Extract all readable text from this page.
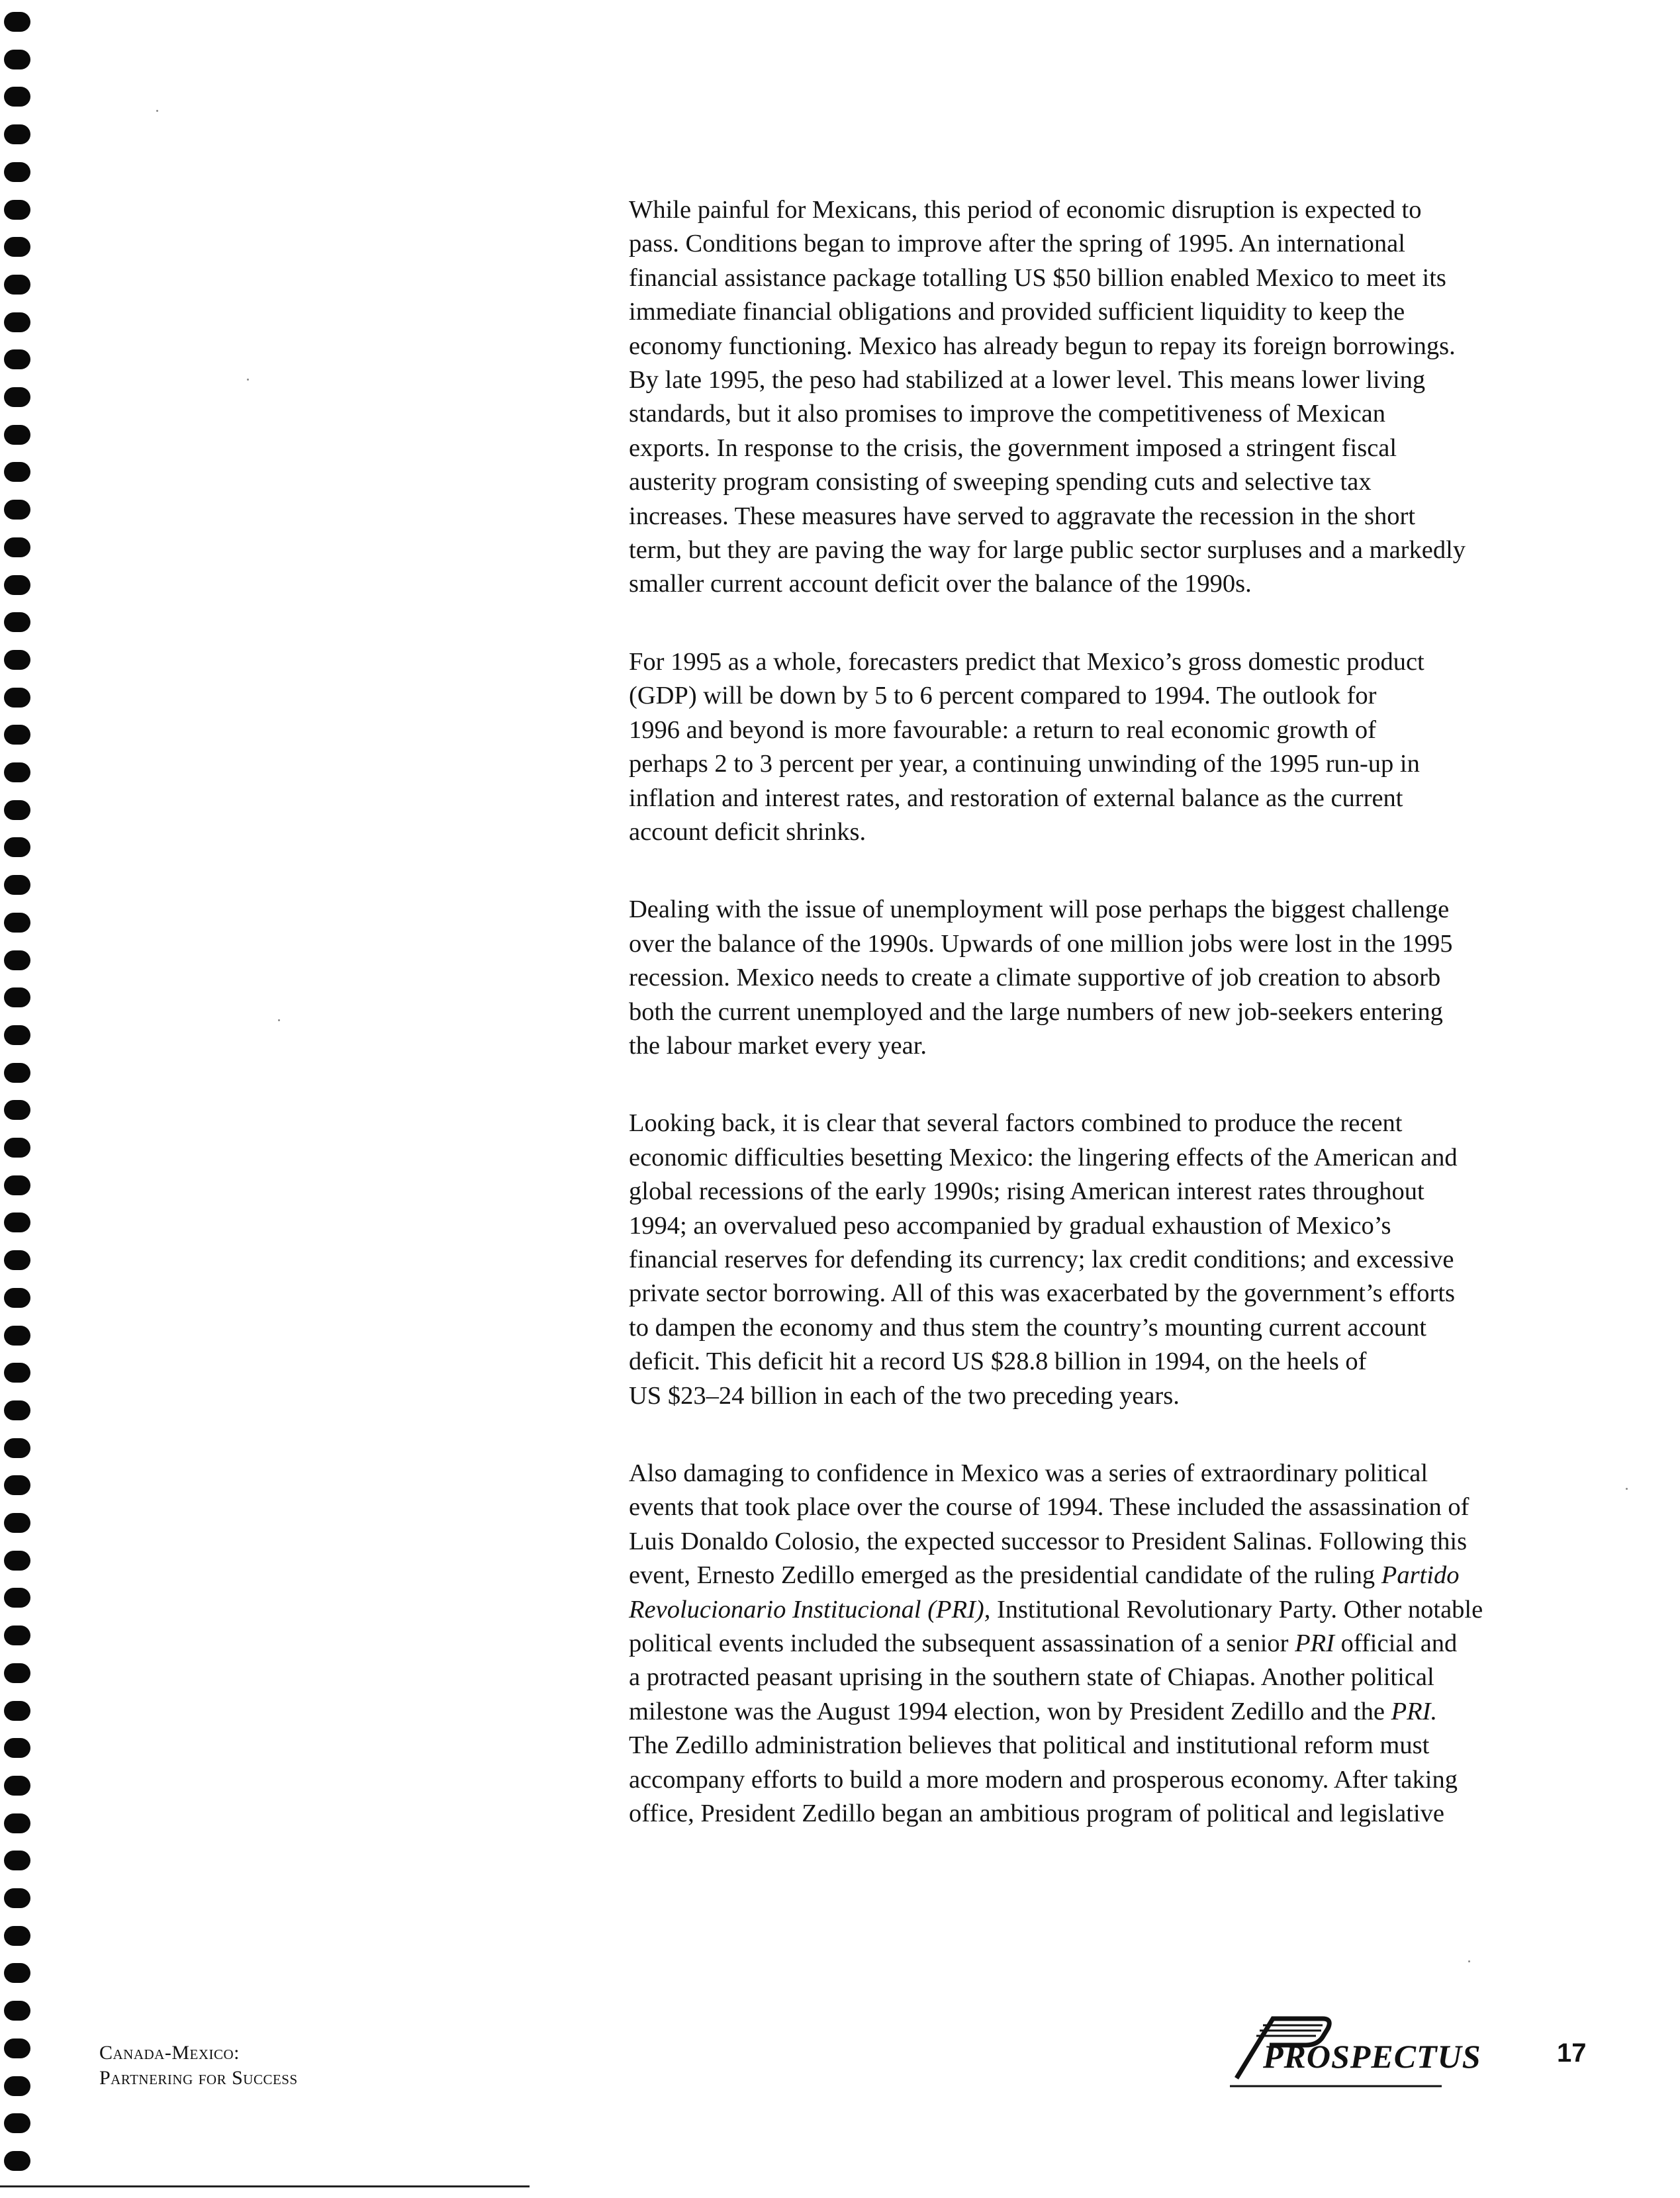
While painful for Mexicans, this period of economic disruption is expected to
pass. Conditions began to improve after the spring of 1995. An international
financial assistance package totalling US $50 billion enabled Mexico to meet its
immediate financial obligations and provided sufficient liquidity to keep the
economy functioning. Mexico has already begun to repay its foreign borrowings.
By late 1995, the peso had stabilized at a lower level. This means lower living
standards, but it also promises to improve the competitiveness of Mexican
exports. In response to the crisis, the government imposed a stringent fiscal
austerity program consisting of sweeping spending cuts and selective tax
increases. These measures have served to aggravate the recession in the short
term, but they are paving the way for large public sector surpluses and a markedly
smaller current account deficit over the balance of the 1990s.

For 1995 as a whole, forecasters predict that Mexico’s gross domestic product
(GDP) will be down by 5 to 6 percent compared to 1994. The outlook for
1996 and beyond is more favourable: a return to real economic growth of
perhaps 2 to 3 percent per year, a continuing unwinding of the 1995 run-up in
inflation and interest rates, and restoration of external balance as the current
account deficit shrinks.

Dealing with the issue of unemployment will pose perhaps the biggest challenge
over the balance of the 1990s. Upwards of one million jobs were lost in the 1995
recession. Mexico needs to create a climate supportive of job creation to absorb
both the current unemployed and the large numbers of new job-seekers entering
the labour market every year.

Looking back, it is clear that several factors combined to produce the recent
economic difficulties besetting Mexico: the lingering effects of the American and
global recessions of the early 1990s; rising American interest rates throughout
1994; an overvalued peso accompanied by gradual exhaustion of Mexico’s
financial reserves for defending its currency; lax credit conditions; and excessive
private sector borrowing. All of this was exacerbated by the government’s efforts
to dampen the economy and thus stem the country’s mounting current account
deficit. This deficit hit a record US $28.8 billion in 1994, on the heels of
US $23–24 billion in each of the two preceding years.

Also damaging to confidence in Mexico was a series of extraordinary political
events that took place over the course of 1994. These included the assassination of
Luis Donaldo Colosio, the expected successor to President Salinas. Following this
event, Ernesto Zedillo emerged as the presidential candidate of the ruling Partido
Revolucionario Institucional (PRI), Institutional Revolutionary Party. Other notable
political events included the subsequent assassination of a senior PRI official and
a protracted peasant uprising in the southern state of Chiapas. Another political
milestone was the August 1994 election, won by President Zedillo and the PRI.
The Zedillo administration believes that political and institutional reform must
accompany efforts to build a more modern and prosperous economy. After taking
office, President Zedillo began an ambitious program of political and legislative

Canada-Mexico:
Partnering for Success
PROSPECTUS	17
